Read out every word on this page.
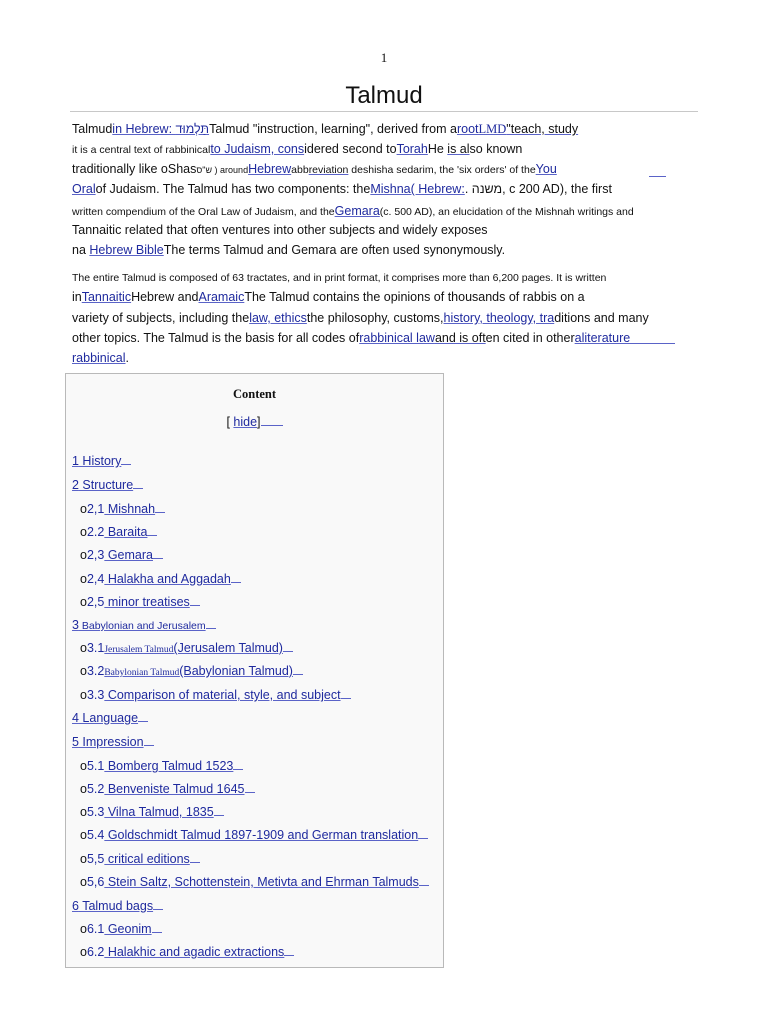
1
Talmud
Talmudin Hebrew: תַּלְמוּדTalmud "instruction, learning", derived from arootLMD"teach, study
it is a central text of rabbinicalto Judaism, considered second toTorahHe is also known
traditionally like oShasש"ס ) aroundHebrewabbreviation deshisha sedarim, the 'six orders' of theYou
Oralof Judaism. The Talmud has two components: theMishna( Hebrew:. משנה, c 200 AD), the first
written compendium of the Oral Law of Judaism, and theGemara(c. 500 AD), an elucidation of the Mishnah writings and
Tannaitic related that often ventures into other subjects and widely exposes
na Hebrew BibleThe terms Talmud and Gemara are often used synonymously.
The entire Talmud is composed of 63 tractates, and in print format, it comprises more than 6,200 pages. It is written
inTannaiticHebrew andAramaicThe Talmud contains the opinions of thousands of rabbis on a
variety of subjects, including thelaw, ethicsthe philosophy, customs,history, theology, traditions and many
other topics. The Talmud is the basis for all codes ofrabbinical lawand is often cited in otheraliterature
rabbinical.
Content
[ hide]
1 History
2 Structure
o2,1 Mishnah
o2.2 Baraita
o2,3 Gemara
o2,4 Halakha and Aggadah
o2,5 minor treatises
3 Babylonian and Jerusalem
o3.1Jerusalem Talmud(Jerusalem Talmud)
o3.2Babylonian Talmud(Babylonian Talmud)
o3.3 Comparison of material, style, and subject
4 Language
5 Impression
o5.1 Bomberg Talmud 1523
o5.2 Benveniste Talmud 1645
o5.3 Vilna Talmud, 1835
o5.4 Goldschmidt Talmud 1897-1909 and German translation
o5,5 critical editions
o5,6 Stein Saltz, Schottenstein, Metivta and Ehrman Talmuds
6 Talmud bags
o6.1 Geonim
o6.2 Halakhic and agadic extractions
